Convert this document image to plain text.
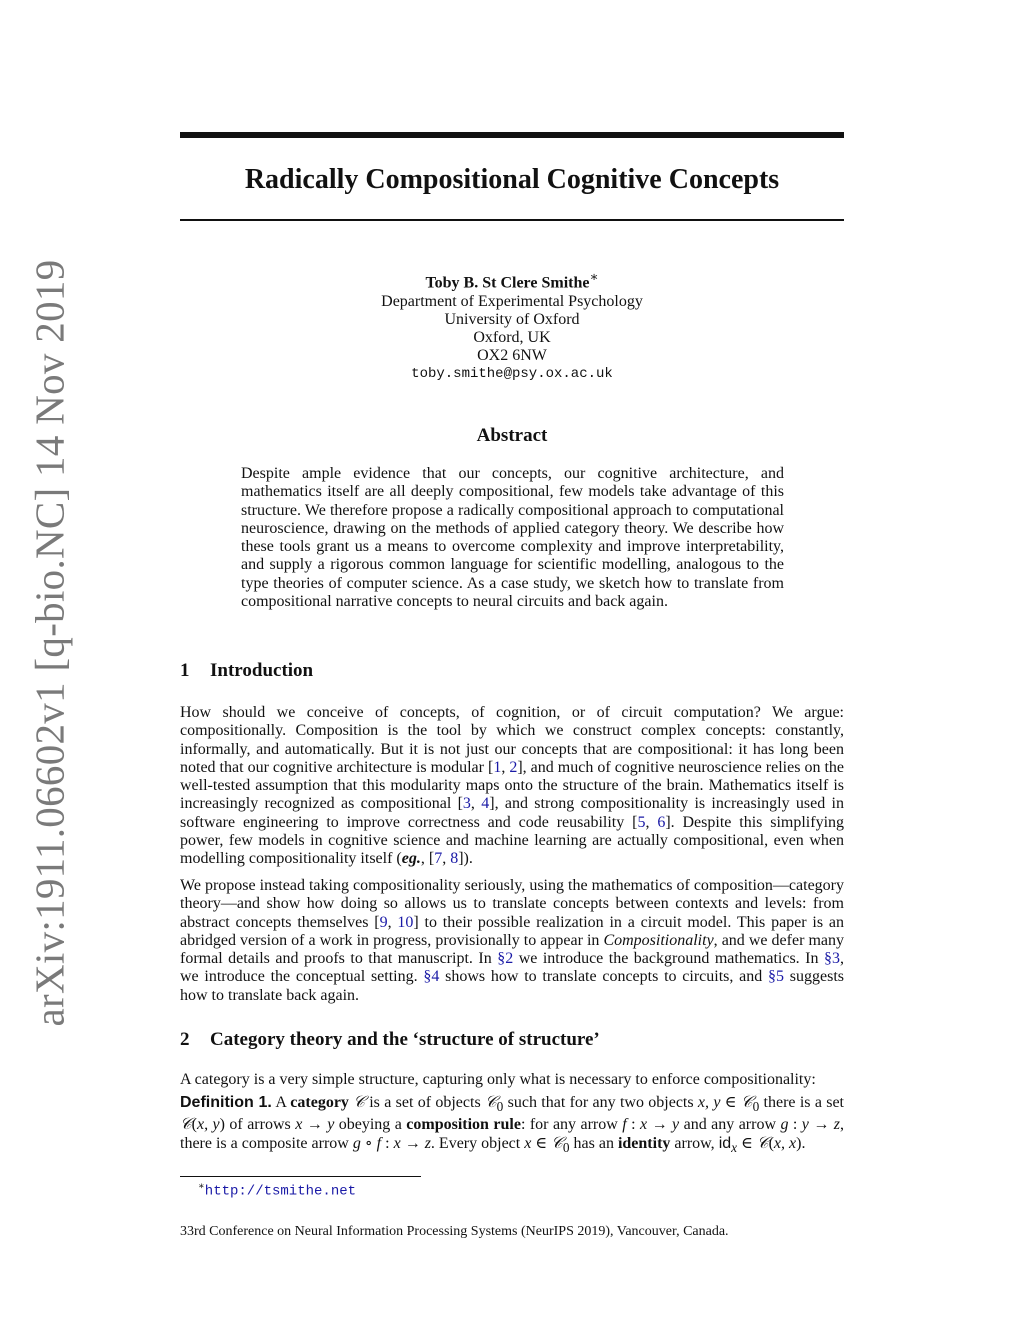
arXiv:1911.06602v1 [q-bio.NC] 14 Nov 2019
Radically Compositional Cognitive Concepts
Toby B. St Clere Smithe∗
Department of Experimental Psychology
University of Oxford
Oxford, UK
OX2 6NW
toby.smithe@psy.ox.ac.uk
Abstract

Despite ample evidence that our concepts, our cognitive architecture, and mathematics itself are all deeply compositional, few models take advantage of this structure. We therefore propose a radically compositional approach to computational neuroscience, drawing on the methods of applied category theory. We describe how these tools grant us a means to overcome complexity and improve interpretability, and supply a rigorous common language for scientific modelling, analogous to the type theories of computer science. As a case study, we sketch how to translate from compositional narrative concepts to neural circuits and back again.

1 Introduction

How should we conceive of concepts, of cognition, or of circuit computation? We argue: compositionally. Composition is the tool by which we construct complex concepts: constantly, informally, and automatically. But it is not just our concepts that are compositional: it has long been noted that our cognitive architecture is modular [1, 2], and much of cognitive neuroscience relies on the well-tested assumption that this modularity maps onto the structure of the brain. Mathematics itself is increasingly recognized as compositional [3, 4], and strong compositionality is increasingly used in software engineering to improve correctness and code reusability [5, 6]. Despite this simplifying power, few models in cognitive science and machine learning are actually compositional, even when modelling compositionality itself (eg., [7, 8]).

We propose instead taking compositionality seriously, using the mathematics of composition—category theory—and show how doing so allows us to translate concepts between contexts and levels: from abstract concepts themselves [9, 10] to their possible realization in a circuit model. This paper is an abridged version of a work in progress, provisionally to appear in Compositionality, and we defer many formal details and proofs to that manuscript. In §2 we introduce the background mathematics. In §3, we introduce the conceptual setting. §4 shows how to translate concepts to circuits, and §5 suggests how to translate back again.

2 Category theory and the ‘structure of structure’

A category is a very simple structure, capturing only what is necessary to enforce compositionality:

Definition 1. A category 𝒞 is a set of objects 𝒞$_0$ such that for any two objects x, y ∈ 𝒞$_0$ there is a set 𝒞(x, y) of arrows x → y obeying a composition rule: for any arrow f : x → y and any arrow g : y → z, there is a composite arrow g ∘ f : x → z. Every object x ∈ 𝒞$_0$ has an identity arrow, $id_x$ ∈ 𝒞(x, x).

∗http://tsmithe.net
33rd Conference on Neural Information Processing Systems (NeurIPS 2019), Vancouver, Canada.
